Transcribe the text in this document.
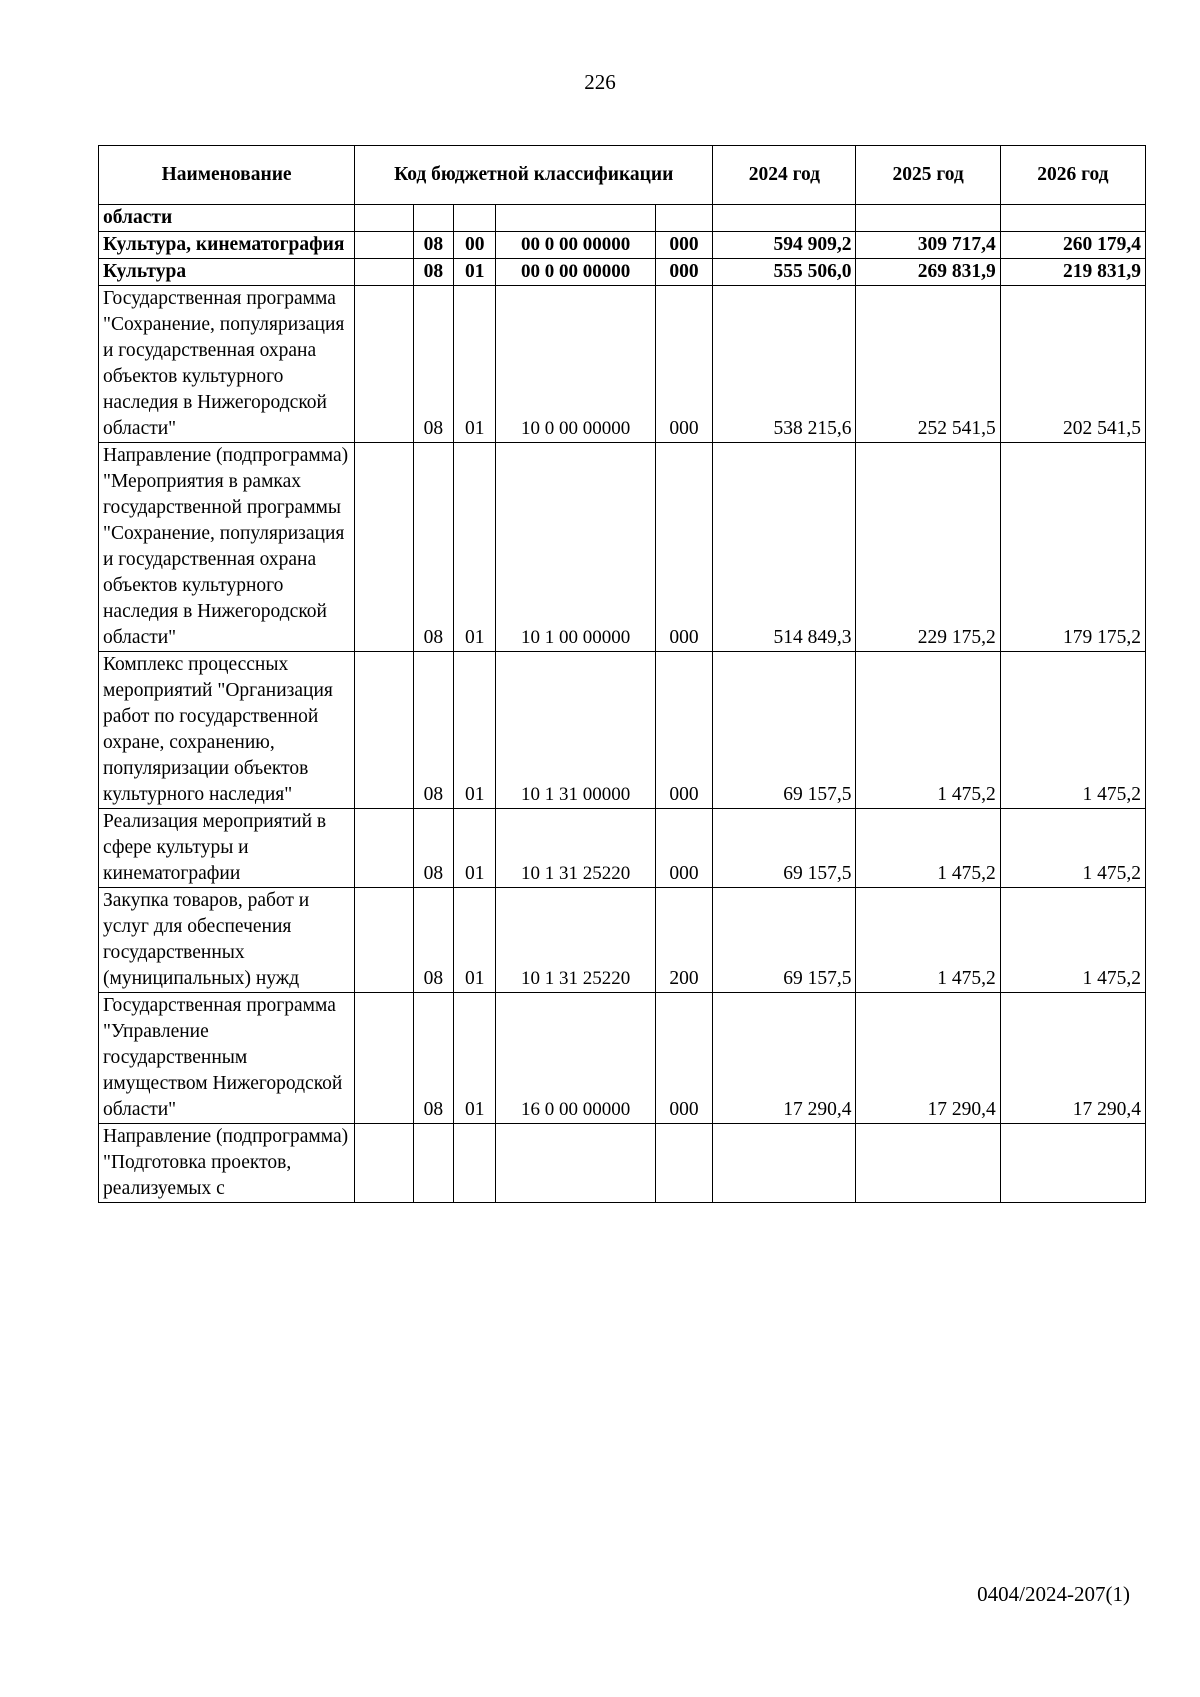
226
Наименование	Код бюджетной классификации					2024 год	2025 год	2026 год
области								
Культура, кинематография		08	00	00 0 00 00000	000	594 909,2	309 717,4	260 179,4
Культура		08	01	00 0 00 00000	000	555 506,0	269 831,9	219 831,9
Государственная программа "Сохранение, популяризация и государственная охрана объектов культурного наследия в Нижегородской области"		08	01	10 0 00 00000	000	538 215,6	252 541,5	202 541,5
Направление (подпрограмма) "Мероприятия в рамках государственной программы "Сохранение, популяризация и государственная охрана объектов культурного наследия в Нижегородской области"		08	01	10 1 00 00000	000	514 849,3	229 175,2	179 175,2
Комплекс процессных мероприятий "Организация работ по государственной охране, сохранению, популяризации объектов культурного наследия"		08	01	10 1 31 00000	000	69 157,5	1 475,2	1 475,2
Реализация мероприятий в сфере культуры и кинематографии		08	01	10 1 31 25220	000	69 157,5	1 475,2	1 475,2
Закупка товаров, работ и услуг для обеспечения государственных (муниципальных) нужд		08	01	10 1 31 25220	200	69 157,5	1 475,2	1 475,2
Государственная программа "Управление государственным имуществом Нижегородской области"		08	01	16 0 00 00000	000	17 290,4	17 290,4	17 290,4
Направление (подпрограмма) "Подготовка проектов, реализуемых с								
0404/2024-207(1)
